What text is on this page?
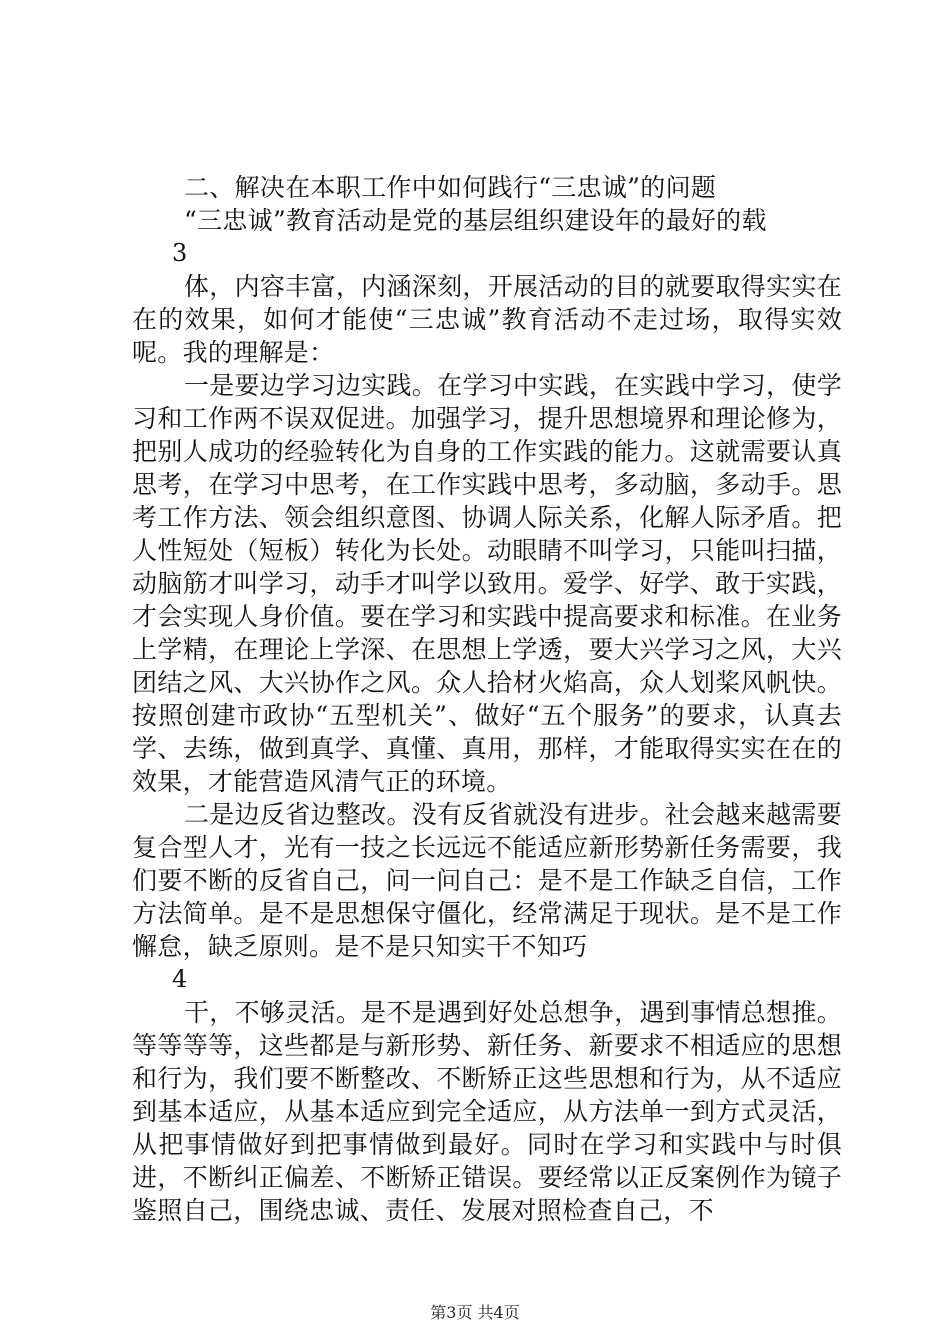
二、解决在本职工作中如何践行“三忠诚”的问题

“三忠诚”教育活动是党的基层组织建设年的最好的载

3

体，内容丰富，内涵深刻，开展活动的目的就要取得实实在在的效果，如何才能使“三忠诚”教育活动不走过场，取得实效呢。我的理解是：

一是要边学习边实践。在学习中实践，在实践中学习，使学习和工作两不误双促进。加强学习，提升思想境界和理论修为，把别人成功的经验转化为自身的工作实践的能力。这就需要认真思考，在学习中思考，在工作实践中思考，多动脑，多动手。思考工作方法、领会组织意图、协调人际关系，化解人际矛盾。把人性短处（短板）转化为长处。动眼睛不叫学习，只能叫扫描，动脑筋才叫学习，动手才叫学以致用。爱学、好学、敢于实践，才会实现人身价值。要在学习和实践中提高要求和标准。在业务上学精，在理论上学深、在思想上学透，要大兴学习之风，大兴团结之风、大兴协作之风。众人拾材火焰高，众人划桨风帆快。按照创建市政协“五型机关”、做好“五个服务”的要求，认真去学、去练，做到真学、真懂、真用，那样，才能取得实实在在的效果，才能营造风清气正的环境。

二是边反省边整改。没有反省就没有进步。社会越来越需要复合型人才，光有一技之长远远不能适应新形势新任务需要，我们要不断的反省自己，问一问自己：是不是工作缺乏自信，工作方法简单。是不是思想保守僵化，经常满足于现状。是不是工作懈怠，缺乏原则。是不是只知实干不知巧

4

干，不够灵活。是不是遇到好处总想争，遇到事情总想推。等等等等，这些都是与新形势、新任务、新要求不相适应的思想和行为，我们要不断整改、不断矫正这些思想和行为，从不适应到基本适应，从基本适应到完全适应，从方法单一到方式灵活，从把事情做好到把事情做到最好。同时在学习和实践中与时俱进，不断纠正偏差、不断矫正错误。要经常以正反案例作为镜子鉴照自己，围绕忠诚、责任、发展对照检查自己，不

第3页 共4页
